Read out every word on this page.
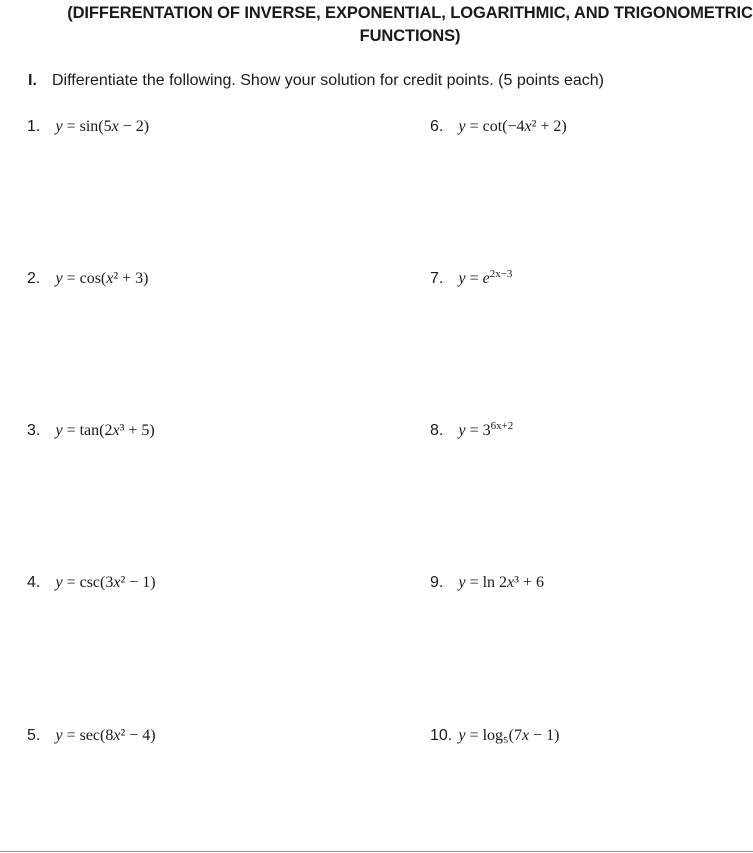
(DIFFERENTATION OF INVERSE, EXPONENTIAL, LOGARITHMIC, AND TRIGONOMETRIC
FUNCTIONS)
I. Differentiate the following. Show your solution for credit points. (5 points each)
1. y = sin(5x − 2)
2. y = cos(x² + 3)
3. y = tan(2x³ + 5)
4. y = csc(3x² − 1)
5. y = sec(8x² − 4)
6. y = cot(−4x² + 2)
7. $y = e^{2x-3}$
8. $y = 3^{6x+2}$
9. y = ln 2x³ + 6
10. y = log₅(7x − 1)
